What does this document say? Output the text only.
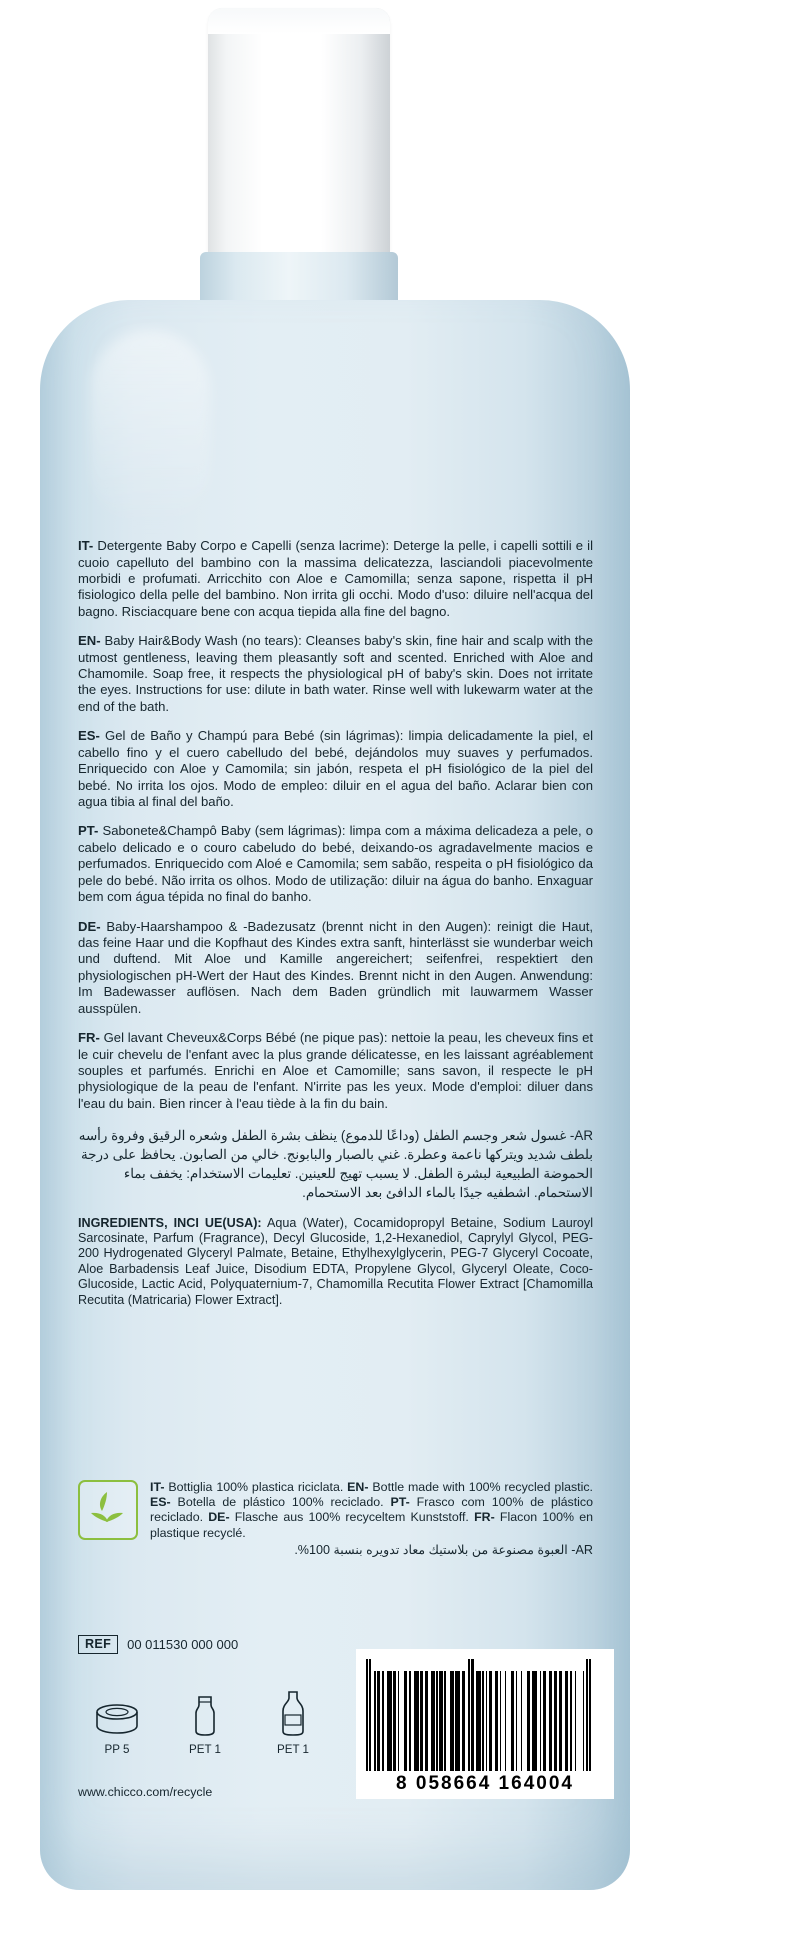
IT- Detergente Baby Corpo e Capelli (senza lacrime): Deterge la pelle, i capelli sottili e il cuoio capelluto del bambino con la massima delicatezza, lasciandoli piacevolmente morbidi e profumati. Arricchito con Aloe e Camomilla; senza sapone, rispetta il pH fisiologico della pelle del bambino. Non irrita gli occhi. Modo d'uso: diluire nell'acqua del bagno. Risciacquare bene con acqua tiepida alla fine del bagno.

EN- Baby Hair&Body Wash (no tears): Cleanses baby's skin, fine hair and scalp with the utmost gentleness, leaving them pleasantly soft and scented. Enriched with Aloe and Chamomile. Soap free, it respects the physiological pH of baby's skin. Does not irritate the eyes. Instructions for use: dilute in bath water. Rinse well with lukewarm water at the end of the bath.

ES- Gel de Baño y Champú para Bebé (sin lágrimas): limpia delicadamente la piel, el cabello fino y el cuero cabelludo del bebé, dejándolos muy suaves y perfumados. Enriquecido con Aloe y Camomila; sin jabón, respeta el pH fisiológico de la piel del bebé. No irrita los ojos. Modo de empleo: diluir en el agua del baño. Aclarar bien con agua tibia al final del baño.

PT- Sabonete&Champô Baby (sem lágrimas): limpa com a máxima delicadeza a pele, o cabelo delicado e o couro cabeludo do bebé, deixando-os agradavelmente macios e perfumados. Enriquecido com Aloé e Camomila; sem sabão, respeita o pH fisiológico da pele do bebé. Não irrita os olhos. Modo de utilização: diluir na água do banho. Enxaguar bem com água tépida no final do banho.

DE- Baby-Haarshampoo & -Badezusatz (brennt nicht in den Augen): reinigt die Haut, das feine Haar und die Kopfhaut des Kindes extra sanft, hinterlässt sie wunderbar weich und duftend. Mit Aloe und Kamille angereichert; seifenfrei, respektiert den physiologischen pH-Wert der Haut des Kindes. Brennt nicht in den Augen. Anwendung: Im Badewasser auflösen. Nach dem Baden gründlich mit lauwarmem Wasser ausspülen.

FR- Gel lavant Cheveux&Corps Bébé (ne pique pas): nettoie la peau, les cheveux fins et le cuir chevelu de l'enfant avec la plus grande délicatesse, en les laissant agréablement souples et parfumés. Enrichi en Aloe et Camomille; sans savon, il respecte le pH physiologique de la peau de l'enfant. N'irrite pas les yeux. Mode d'emploi: diluer dans l'eau du bain. Bien rincer à l'eau tiède à la fin du bain.

AR- غسول شعر وجسم الطفل (وداعًا للدموع) ينظف بشرة الطفل وشعره الرقيق وفروة رأسه بلطف شديد ويتركها ناعمة وعطرة. غني بالصبار والبابونج. خالي من الصابون. يحافظ على درجة الحموضة الطبيعية لبشرة الطفل. لا يسبب تهيج للعينين. تعليمات الاستخدام: يخفف بماء الاستحمام. اشطفيه جيدًا بالماء الدافئ بعد الاستحمام.

INGREDIENTS, INCI UE(USA): Aqua (Water), Cocamidopropyl Betaine, Sodium Lauroyl Sarcosinate, Parfum (Fragrance), Decyl Glucoside, 1,2-Hexanediol, Caprylyl Glycol, PEG-200 Hydrogenated Glyceryl Palmate, Betaine, Ethylhexylglycerin, PEG-7 Glyceryl Cocoate, Aloe Barbadensis Leaf Juice, Disodium EDTA, Propylene Glycol, Glyceryl Oleate, Coco-Glucoside, Lactic Acid, Polyquaternium-7, Chamomilla Recutita Flower Extract [Chamomilla Recutita (Matricaria) Flower Extract].

IT- Bottiglia 100% plastica riciclata. EN- Bottle made with 100% recycled plastic. ES- Botella de plástico 100% reciclado. PT- Frasco com 100% de plástico reciclado. DE- Flasche aus 100% recyceltem Kunststoff. FR- Flacon 100% en plastique recyclé.
AR- العبوة مصنوعة من بلاستيك معاد تدويره بنسبة 100%.
REF	00 011530 000 000
PP 5	PET 1	PET 1
www.chicco.com/recycle	8 058664 164004
